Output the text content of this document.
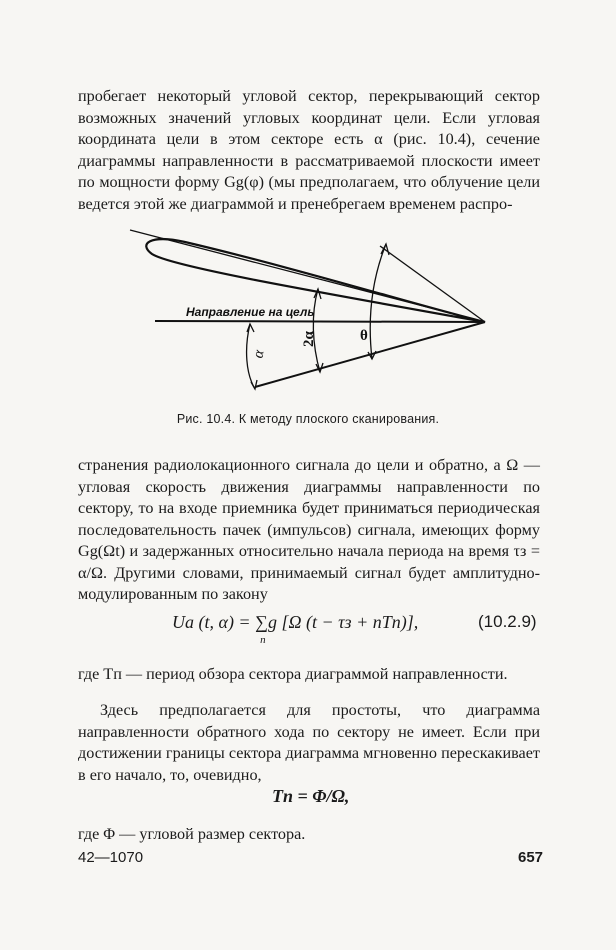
пробегает некоторый угловой сектор, перекрывающий сектор возможных значений угловых координат цели. Если угловая координата цели в этом секторе есть α (рис. 10.4), сечение диаграммы направленности в рассматриваемой плоскости имеет по мощности форму Gg(φ) (мы предполагаем, что облучение цели ведется этой же диаграммой и пренебрегаем временем распро-

Направление на цель
2α	θ
α
Рис. 10.4. К методу плоского сканирования.

странения радиолокационного сигнала до цели и обратно, а Ω — угловая скорость движения диаграммы направленности по сектору, то на входе приемника будет приниматься периодическая последовательность пачек (импульсов) сигнала, имеющих форму Gg(Ωt) и задержанных относительно начала периода на время τз = α/Ω. Другими словами, принимаемый сигнал будет амплитудно-модулированным по закону

Ua (t, α) = ∑
n
g [Ω (t − τз + nTп)],	(10.2.9)

где Tп — период обзора сектора диаграммой направленности.

Здесь предполагается для простоты, что диаграмма направленности обратного хода по сектору не имеет. Если при достижении границы сектора диаграмма мгновенно перескакивает в его начало, то, очевидно,

Tп = Φ/Ω,

где Φ — угловой размер сектора.

42—1070	657
